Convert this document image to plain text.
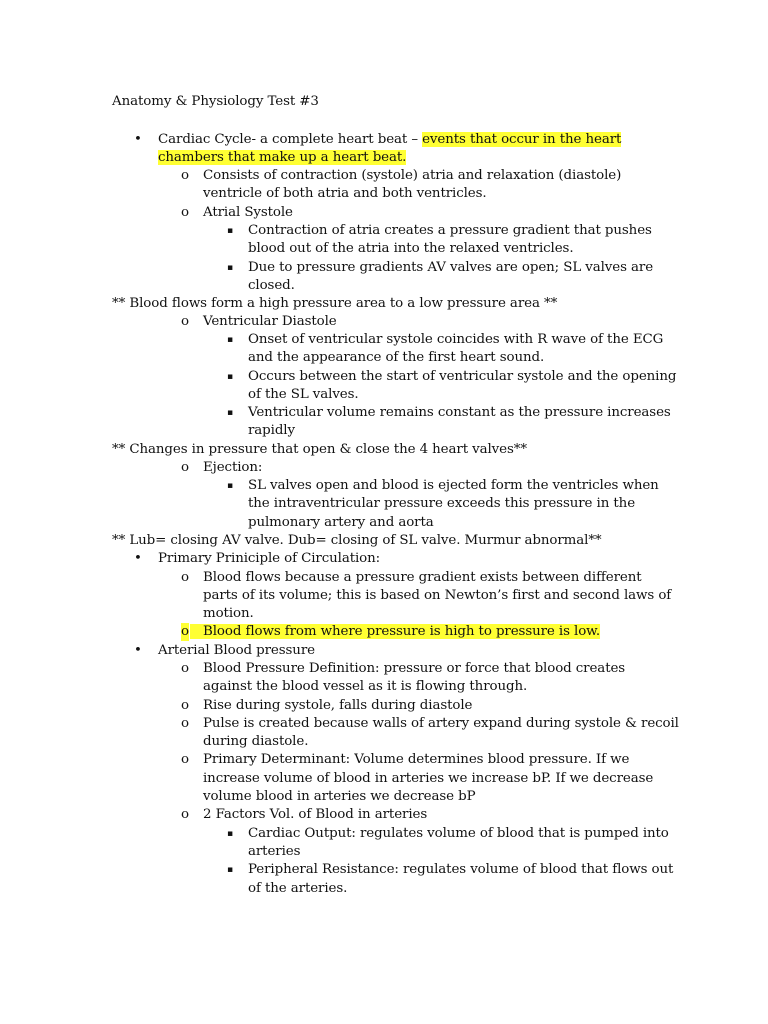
Anatomy & Physiology Test #3
• Cardiac Cycle- a complete heart beat – events that occur in the heart
chambers that make up a heart beat.
o Consists of contraction (systole) atria and relaxation (diastole)
ventricle of both atria and both ventricles.
o Atrial Systole
▪ Contraction of atria creates a pressure gradient that pushes
blood out of the atria into the relaxed ventricles.
▪ Due to pressure gradients AV valves are open; SL valves are
closed.
** Blood flows form a high pressure area to a low pressure area **
o Ventricular Diastole
▪ Onset of ventricular systole coincides with R wave of the ECG
and the appearance of the first heart sound.
▪ Occurs between the start of ventricular systole and the opening
of the SL valves.
▪ Ventricular volume remains constant as the pressure increases
rapidly
** Changes in pressure that open & close the 4 heart valves**
o Ejection:
▪ SL valves open and blood is ejected form the ventricles when
the intraventricular pressure exceeds this pressure in the
pulmonary artery and aorta
** Lub= closing AV valve. Dub= closing of SL valve. Murmur abnormal**
• Primary Priniciple of Circulation:
o Blood flows because a pressure gradient exists between different
parts of its volume; this is based on Newton’s first and second laws of
motion.
o	Blood flows from where pressure is high to pressure is low.
• Arterial Blood pressure
o Blood Pressure Definition: pressure or force that blood creates
against the blood vessel as it is flowing through.
o Rise during systole, falls during diastole
o Pulse is created because walls of artery expand during systole & recoil
during diastole.
o Primary Determinant: Volume determines blood pressure. If we
increase volume of blood in arteries we increase bP. If we decrease
volume blood in arteries we decrease bP
o 2 Factors Vol. of Blood in arteries
▪ Cardiac Output: regulates volume of blood that is pumped into
arteries
▪ Peripheral Resistance: regulates volume of blood that flows out
of the arteries.
